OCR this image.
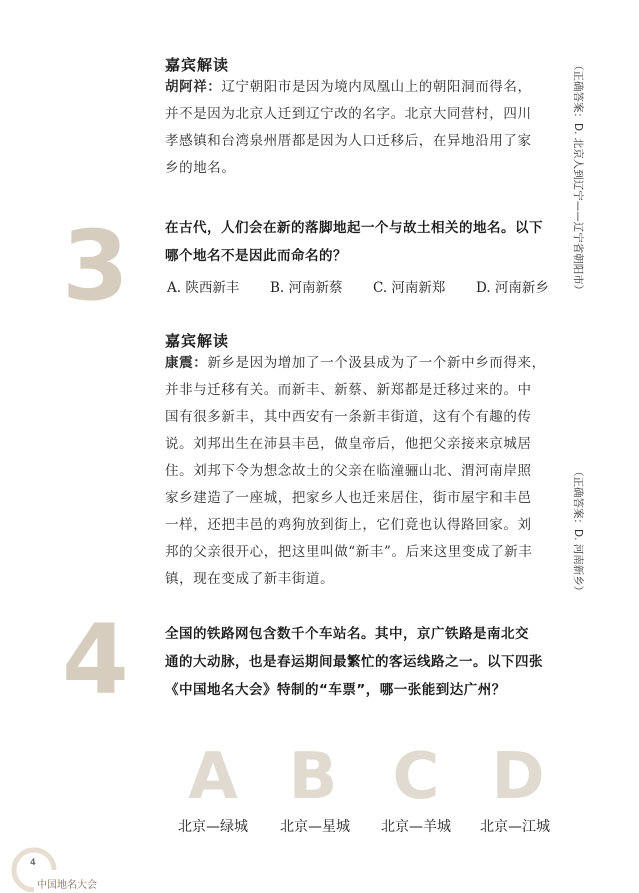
嘉宾解读
胡阿祥：辽宁朝阳市是因为境内凤凰山上的朝阳洞而得名，
并不是因为北京人迁到辽宁改的名字。北京大同营村，四川
孝感镇和台湾泉州厝都是因为人口迁移后，在异地沿用了家
乡的地名。	（正确答案：D. 北京人到辽宁——辽宁省朝阳市）
3	在古代，人们会在新的落脚地起一个与故土相关的地名。以下
哪个地名不是因此而命名的？
A. 陕西新丰 B. 河南新蔡 C. 河南新郑 D. 河南新乡
嘉宾解读
康震：新乡是因为增加了一个汲县成为了一个新中乡而得来，
并非与迁移有关。而新丰、新蔡、新郑都是迁移过来的。中
国有很多新丰，其中西安有一条新丰街道，这有个有趣的传
说。刘邦出生在沛县丰邑，做皇帝后，他把父亲接来京城居
住。刘邦下令为想念故土的父亲在临潼骊山北、渭河南岸照
家乡建造了一座城，把家乡人也迁来居住，街市屋宇和丰邑
一样，还把丰邑的鸡狗放到街上，它们竟也认得路回家。刘
邦的父亲很开心，把这里叫做“新丰”。后来这里变成了新丰
镇，现在变成了新丰街道。	（正确答案：D. 河南新乡）
4	全国的铁路网包含数千个车站名。其中，京广铁路是南北交
通的大动脉，也是春运期间最繁忙的客运线路之一。以下四张
《中国地名大会》特制的“车票”，哪一张能到达广州？
A B C D
北京—绿城	北京—星城	北京—羊城	北京—江城
4
中国地名大会
